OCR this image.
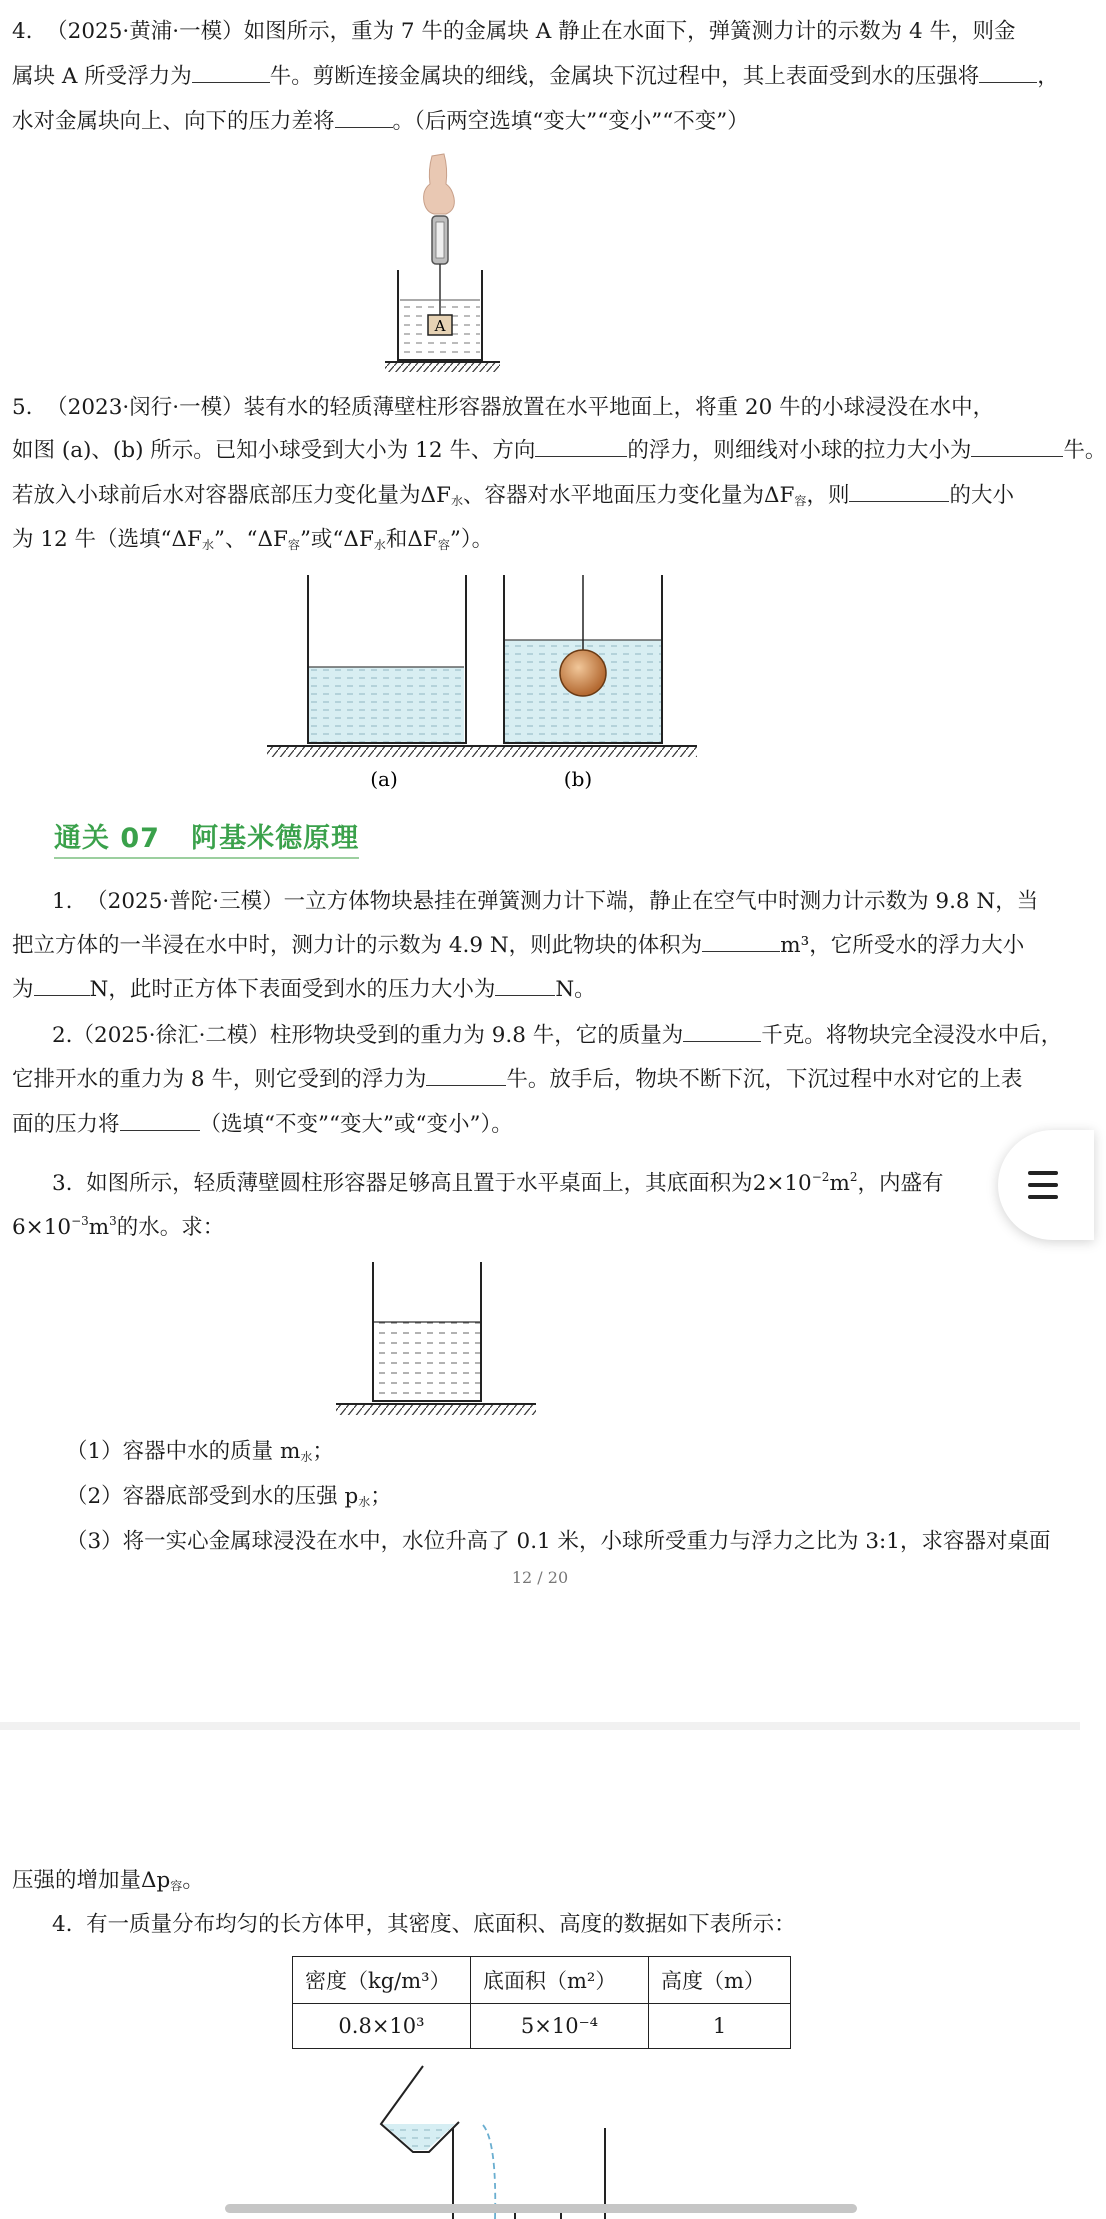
4.  （2025·黄浦·一模）如图所示，重为 7 牛的金属块 A 静止在水面下，弹簧测力计的示数为 4 牛，则金
属块 A 所受浮力为	牛。剪断连接金属块的细线，金属块下沉过程中，其上表面受到水的压强将	，
水对金属块向上、向下的压力差将	。（后两空选填“变大”“变小”“不变”）
A
5.  （2023·闵行·一模）装有水的轻质薄壁柱形容器放置在水平地面上，将重 20 牛的小球浸没在水中，
如图 (a)、(b) 所示。已知小球受到大小为 12 牛、方向	的浮力，则细线对小球的拉力大小为	牛。
若放入小球前后水对容器底部压力变化量为$\Delta F_水$、容器对水平地面压力变化量为$\Delta F_容$，则	的大小
为 12 牛（选填“$\Delta F_水$”、“$\Delta F_容$”或“$\Delta F_水$和$\Delta F_容$”）。
(a)	(b)
通关 07   阿基米德原理
1.  （2025·普陀·三模）一立方体物块悬挂在弹簧测力计下端，静止在空气中时测力计示数为 9.8 N，当
把立方体的一半浸在水中时，测力计的示数为 4.9 N，则此物块的体积为	m³，它所受水的浮力大小
为	N，此时正方体下表面受到水的压力大小为	N。
2.（2025·徐汇·二模）柱形物块受到的重力为 9.8 牛，它的质量为	千克。将物块完全浸没水中后，
它排开水的重力为 8 牛，则它受到的浮力为	牛。放手后，物块不断下沉，下沉过程中水对它的上表
面的压力将	（选填“不变”“变大”或“变小”）。
3.  如图所示，轻质薄壁圆柱形容器足够高且置于水平桌面上，其底面积为$2\times 10^{-2}m^2$，内盛有
$6\times 10^{-3}m^3$的水。求：
（1）容器中水的质量 $m_水$；
（2）容器底部受到水的压强 $p_水$；
（3）将一实心金属球浸没在水中，水位升高了 0.1 米，小球所受重力与浮力之比为 3:1，求容器对桌面
12 / 20
压强的增加量$\Delta p_容$。
4.  有一质量分布均匀的长方体甲，其密度、底面积、高度的数据如下表所示：
密度（kg/m³）	底面积（m²）	高度（m）
0.8×10³	5×10⁻⁴	1
